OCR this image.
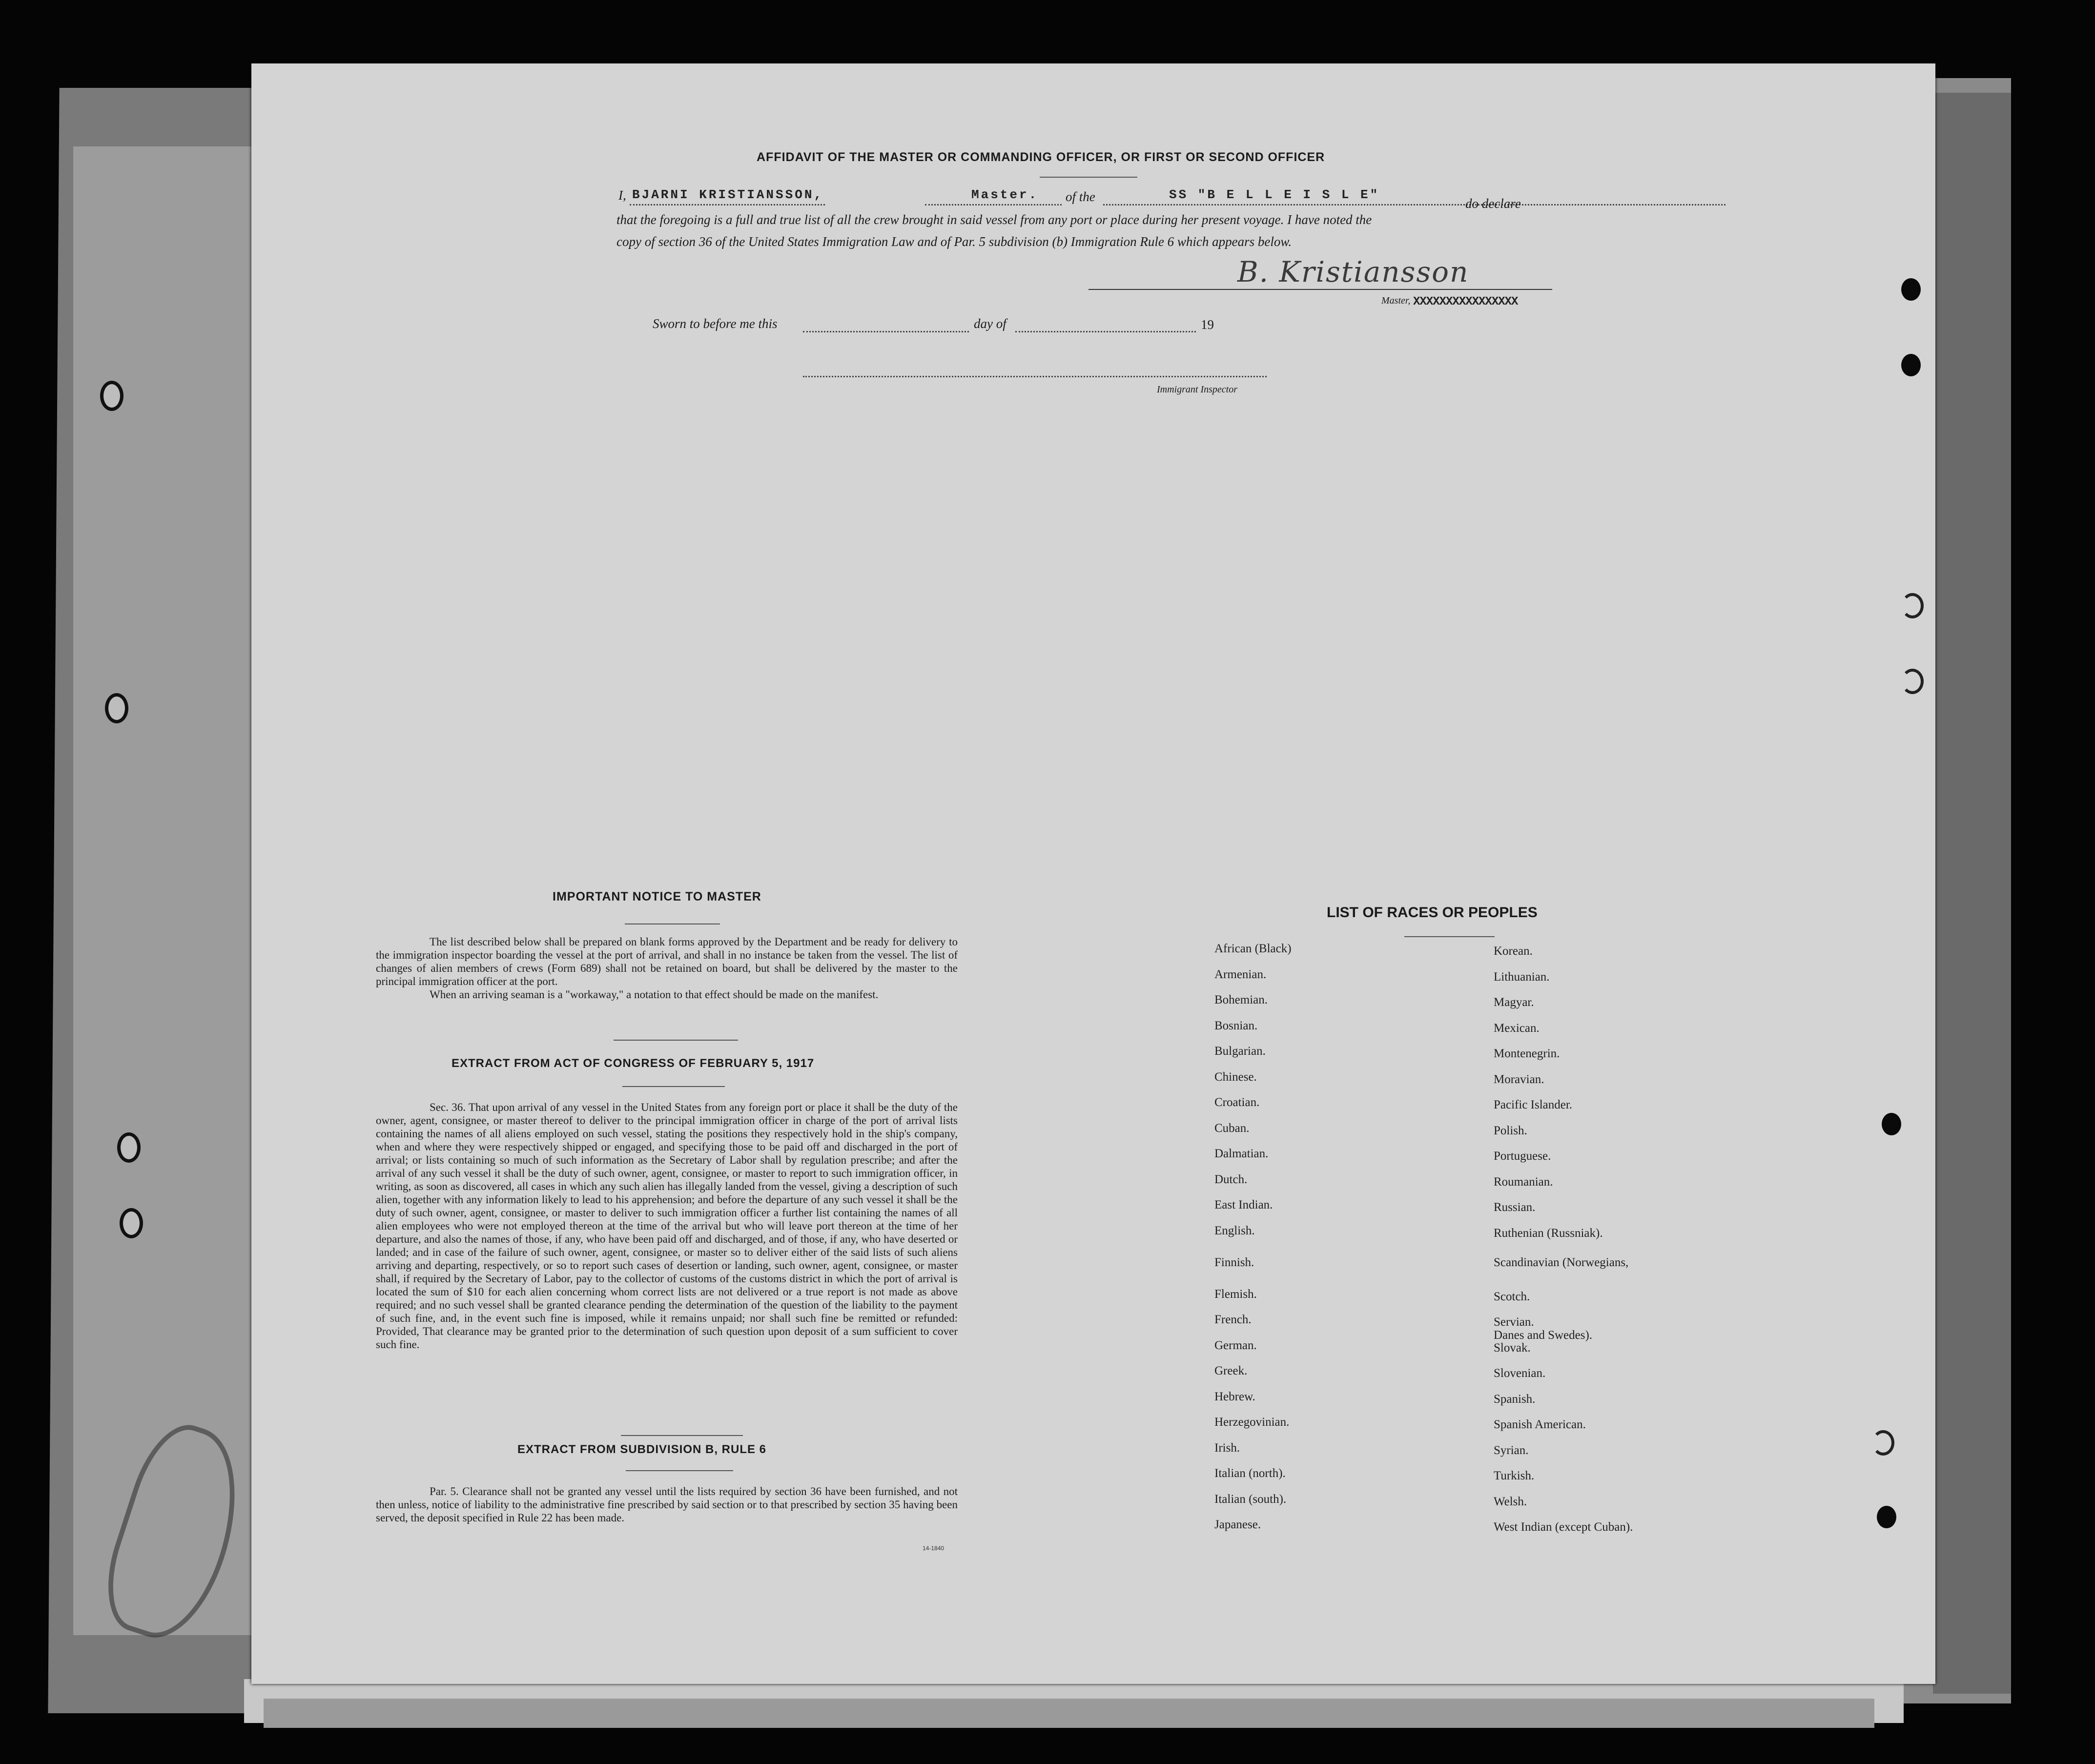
AFFIDAVIT OF THE MASTER OR COMMANDING OFFICER, OR FIRST OR SECOND OFFICER
I, BJARNI KRISTIANSSON,	Master. of the	SS "B E L L E I S L E"
do declare
that the foregoing is a full and true list of all the crew brought in said vessel from any port or place during her present voyage. I have noted the
copy of section 36 of the United States Immigration Law and of Par. 5 subdivision (b) Immigration Rule 6 which appears below.
B. Kristiansson
Master, XXXXXXXXXXXXXXXX
Sworn to before me this	day of	19
Immigrant Inspector
IMPORTANT NOTICE TO MASTER

The list described below shall be prepared on blank forms approved by the Department and be ready for delivery to the immigration inspector boarding the vessel at the port of arrival, and shall in no instance be taken from the vessel. The list of changes of alien members of crews (Form 689) shall not be retained on board, but shall be delivered by the master to the principal immigration officer at the port.

When an arriving seaman is a "workaway," a notation to that effect should be made on the manifest.

EXTRACT FROM ACT OF CONGRESS OF FEBRUARY 5, 1917

Sec. 36. That upon arrival of any vessel in the United States from any foreign port or place it shall be the duty of the owner, agent, consignee, or master thereof to deliver to the principal immigration officer in charge of the port of arrival lists containing the names of all aliens employed on such vessel, stating the positions they respectively hold in the ship's company, when and where they were respectively shipped or engaged, and specifying those to be paid off and discharged in the port of arrival; or lists containing so much of such information as the Secretary of Labor shall by regulation prescribe; and after the arrival of any such vessel it shall be the duty of such owner, agent, consignee, or master to report to such immigration officer, in writing, as soon as discovered, all cases in which any such alien has illegally landed from the vessel, giving a description of such alien, together with any information likely to lead to his apprehension; and before the departure of any such vessel it shall be the duty of such owner, agent, consignee, or master to deliver to such immigration officer a further list containing the names of all alien employees who were not employed thereon at the time of the arrival but who will leave port thereon at the time of her departure, and also the names of those, if any, who have been paid off and discharged, and of those, if any, who have deserted or landed; and in case of the failure of such owner, agent, consignee, or master so to deliver either of the said lists of such aliens arriving and departing, respectively, or so to report such cases of desertion or landing, such owner, agent, consignee, or master shall, if required by the Secretary of Labor, pay to the collector of customs of the customs district in which the port of arrival is located the sum of $10 for each alien concerning whom correct lists are not delivered or a true report is not made as above required; and no such vessel shall be granted clearance pending the determination of the question of the liability to the payment of such fine, and, in the event such fine is imposed, while it remains unpaid; nor shall such fine be remitted or refunded: Provided, That clearance may be granted prior to the determination of such question upon deposit of a sum sufficient to cover such fine.

EXTRACT FROM SUBDIVISION B, RULE 6

Par. 5. Clearance shall not be granted any vessel until the lists required by section 36 have been furnished, and not then unless, notice of liability to the administrative fine prescribed by said section or to that prescribed by section 35 having been served, the deposit specified in Rule 22 has been made.

14-1840
LIST OF RACES OR PEOPLES
African (Black)
Armenian.
Bohemian.
Bosnian.
Bulgarian.
Chinese.
Croatian.
Cuban.
Dalmatian.
Dutch.
East Indian.
English.
Finnish.
Flemish.
French.
German.
Greek.
Hebrew.
Herzegovinian.
Irish.
Italian (north).
Italian (south).
Japanese.
Korean.
Lithuanian.
Magyar.
Mexican.
Montenegrin.
Moravian.
Pacific Islander.
Polish.
Portuguese.
Roumanian.
Russian.
Ruthenian (Russniak).
Scandinavian (Norwegians,
Scotch.
Servian.
Slovak.
Slovenian.
Spanish.
Spanish American.
Syrian.
Turkish.
Welsh.
West Indian (except Cuban).
Danes and Swedes).
